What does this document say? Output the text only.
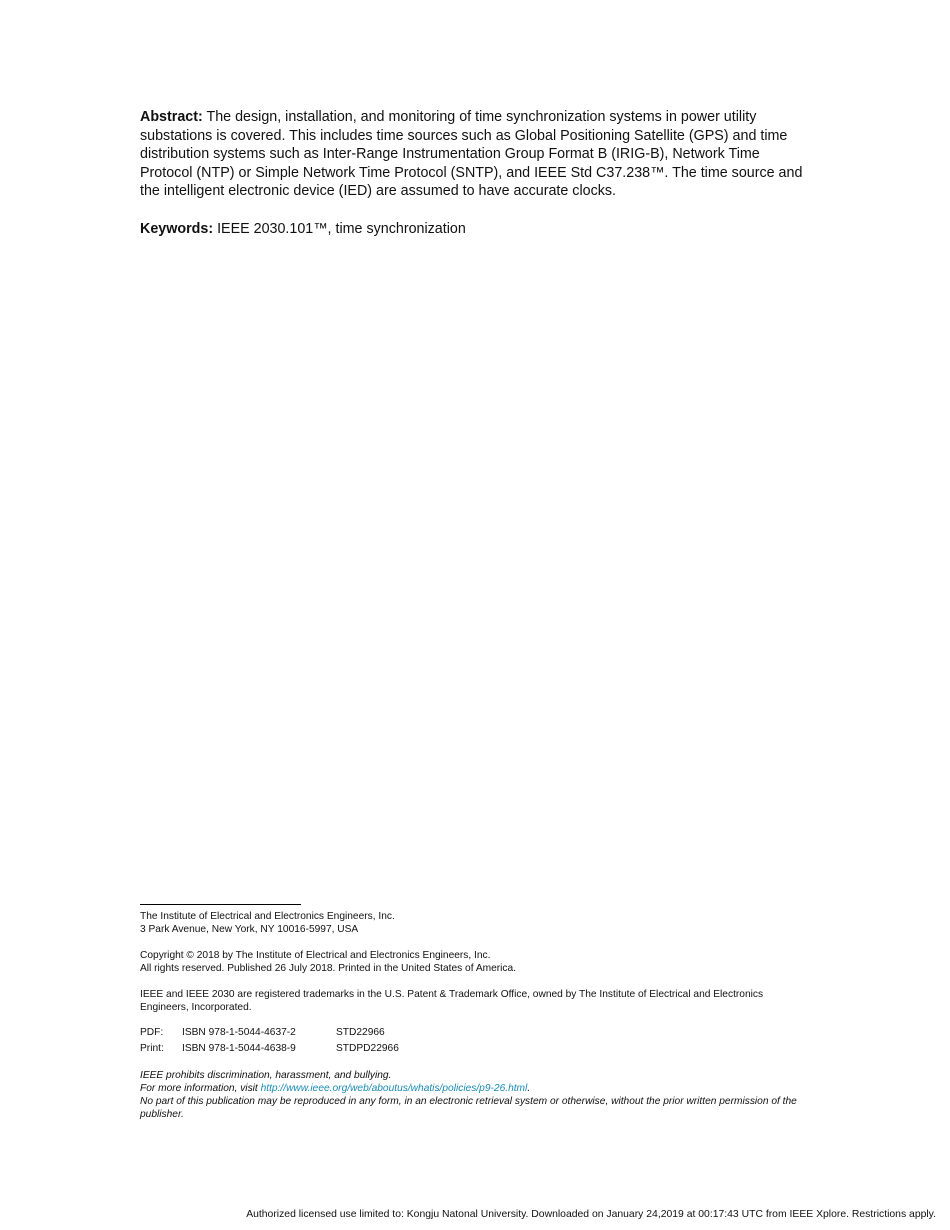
Abstract: The design, installation, and monitoring of time synchronization systems in power utility substations is covered. This includes time sources such as Global Positioning Satellite (GPS) and time distribution systems such as Inter-Range Instrumentation Group Format B (IRIG-B), Network Time Protocol (NTP) or Simple Network Time Protocol (SNTP), and IEEE Std C37.238™. The time source and the intelligent electronic device (IED) are assumed to have accurate clocks.

Keywords: IEEE 2030.101™, time synchronization

The Institute of Electrical and Electronics Engineers, Inc.
3 Park Avenue, New York, NY 10016-5997, USA
Copyright © 2018 by The Institute of Electrical and Electronics Engineers, Inc.
All rights reserved. Published 26 July 2018. Printed in the United States of America.
IEEE and IEEE 2030 are registered trademarks in the U.S. Patent & Trademark Office, owned by The Institute of Electrical and Electronics Engineers, Incorporated.
PDF:	ISBN 978-1-5044-4637-2	STD22966
Print:	ISBN 978-1-5044-4638-9	STDPD22966
IEEE prohibits discrimination, harassment, and bullying.
For more information, visit http://www.ieee.org/web/aboutus/whatis/policies/p9-26.html.
No part of this publication may be reproduced in any form, in an electronic retrieval system or otherwise, without the prior written permission of the publisher.
Authorized licensed use limited to: Kongju Natonal University. Downloaded on January 24,2019 at 00:17:43 UTC from IEEE Xplore. Restrictions apply.
